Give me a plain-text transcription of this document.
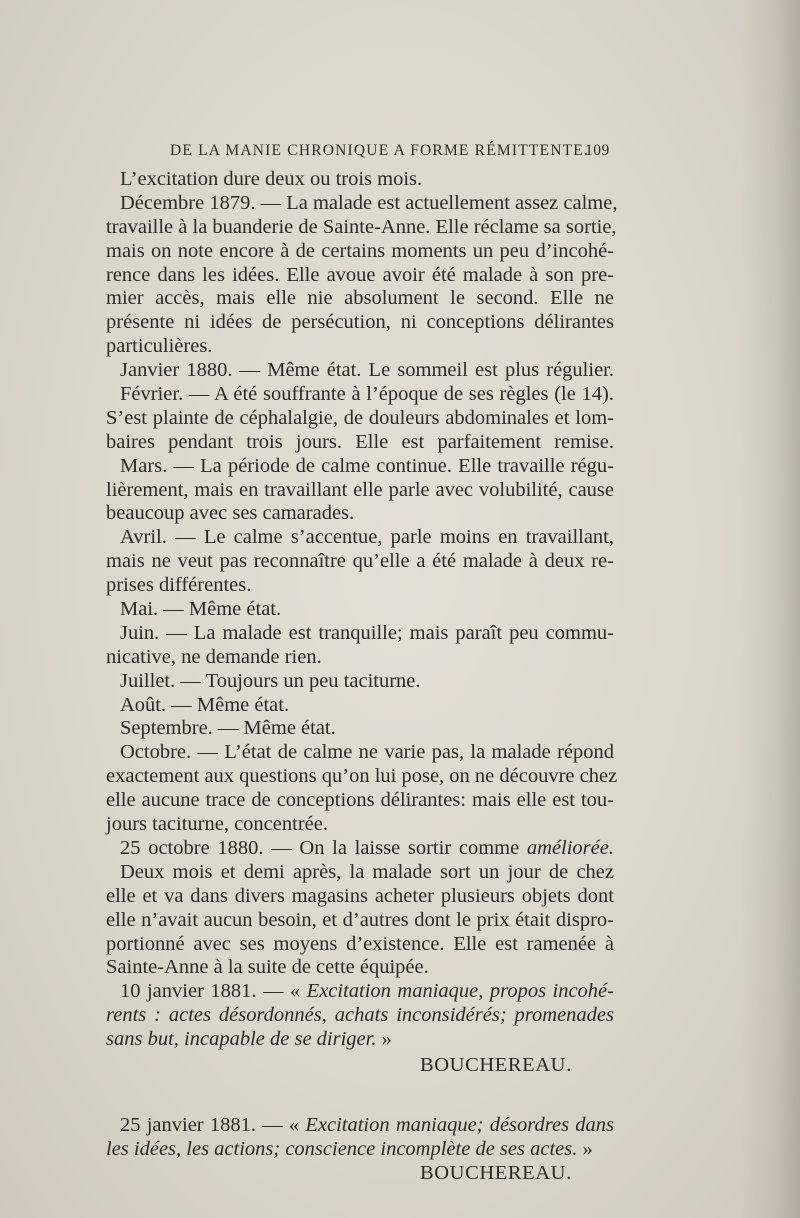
DE LA MANIE CHRONIQUE A FORME RÉMITTENTE.
109
L’excitation dure deux ou trois mois.
Décembre 1879. — La malade est actuellement assez calme,
travaille à la buanderie de Sainte-Anne. Elle réclame sa sortie,
mais on note encore à de certains moments un peu d’incohé-
rence dans les idées. Elle avoue avoir été malade à son pre-
mier accès, mais elle nie absolument le second. Elle ne
présente ni idées de persécution, ni conceptions délirantes
particulières.
Janvier 1880. — Même état. Le sommeil est plus régulier.
Février. — A été souffrante à l’époque de ses règles (le 14).
S’est plainte de céphalalgie, de douleurs abdominales et lom-
baires pendant trois jours. Elle est parfaitement remise.
Mars. — La période de calme continue. Elle travaille régu-
lièrement, mais en travaillant elle parle avec volubilité, cause
beaucoup avec ses camarades.
Avril. — Le calme s’accentue, parle moins en travaillant,
mais ne veut pas reconnaître qu’elle a été malade à deux re-
prises différentes.
Mai. — Même état.
Juin. — La malade est tranquille; mais paraît peu commu-
nicative, ne demande rien.
Juillet. — Toujours un peu taciturne.
Août. — Même état.
Septembre. — Même état.
Octobre. — L’état de calme ne varie pas, la malade répond
exactement aux questions qu’on lui pose, on ne découvre chez
elle aucune trace de conceptions délirantes: mais elle est tou-
jours taciturne, concentrée.
25 octobre 1880. — On la laisse sortir comme améliorée.
Deux mois et demi après, la malade sort un jour de chez
elle et va dans divers magasins acheter plusieurs objets dont
elle n’avait aucun besoin, et d’autres dont le prix était dispro-
portionné avec ses moyens d’existence. Elle est ramenée à
Sainte-Anne à la suite de cette équipée.
10 janvier 1881. — « Excitation maniaque, propos incohé-
rents : actes désordonnés, achats inconsidérés; promenades
sans but, incapable de se diriger. »
BOUCHEREAU.
25 janvier 1881. — « Excitation maniaque; désordres dans
les idées, les actions; conscience incomplète de ses actes. »
BOUCHEREAU.
